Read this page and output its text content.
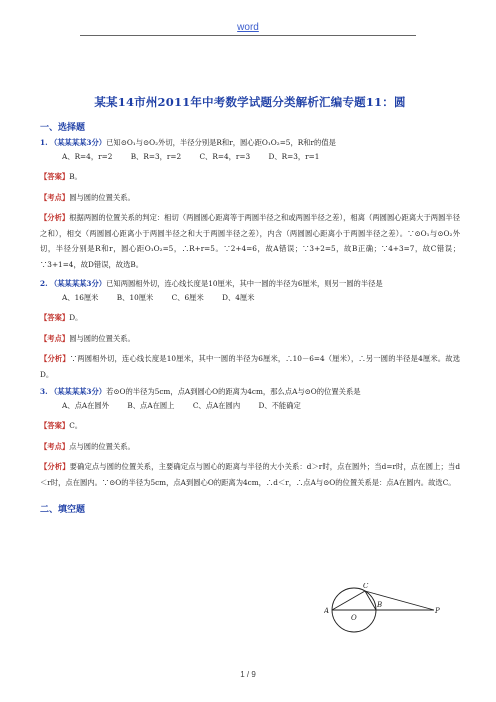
word
某某14市州2011年中考数学试题分类解析汇编专题11：圆
一、选择题
1. （某某某某3分）已知⊙O₁与⊙O₂外切，半径分别是R和r，圆心距O₁O₂=5，R和r的值是
A、R=4，r=2	B、R=3，r=2	C、R=4，r=3	D、R=3，r=1
【答案】B。
【考点】圆与圆的位置关系。
【分析】根据两圆的位置关系的判定：相切（两圆圆心距离等于两圆半径之和或两圆半径之差），相离（两圆圆心距离大于两圆半径之和），相交（两圆圆心距离小于两圆半径之和大于两圆半径之差），内含（两圆圆心距离小于两圆半径之差）。∵⊙O₁与⊙O₂外切，半径分别是R和r，圆心距O₁O₂=5，∴R+r=5。∵2+4=6，故A错误；∵3+2=5，故B正确；∵4+3=7，故C错误；∵3+1=4，故D错误，故选B。
2. （某某某某3分）已知两圆相外切，连心线长度是10厘米，其中一圆的半径为6厘米，则另一圆的半径是
A、16厘米	B、10厘米	C、6厘米	D、4厘米
【答案】D。
【考点】圆与圆的位置关系。
【分析】∵两圆相外切，连心线长度是10厘米，其中一圆的半径为6厘米，∴10－6=4（厘米），∴另一圆的半径是4厘米。故选D。
3. （某某某某3分）若⊙O的半径为5cm，点A到圆心O的距离为4cm，那么点A与⊙O的位置关系是
A、点A在圆外	B、点A在圆上	C、点A在圆内	D、不能确定
【答案】C。
【考点】点与圆的位置关系。
【分析】要确定点与圆的位置关系，主要确定点与圆心的距离与半径的大小关系：d＞r时，点在圆外；当d=r时，点在圆上；当d＜r时，点在圆内。∵⊙O的半径为5cm，点A到圆心O的距离为4cm，∴d＜r，∴点A与⊙O的位置关系是：点A在圆内。故选C。
二、填空题
C
A
O
B
P
1 / 9
